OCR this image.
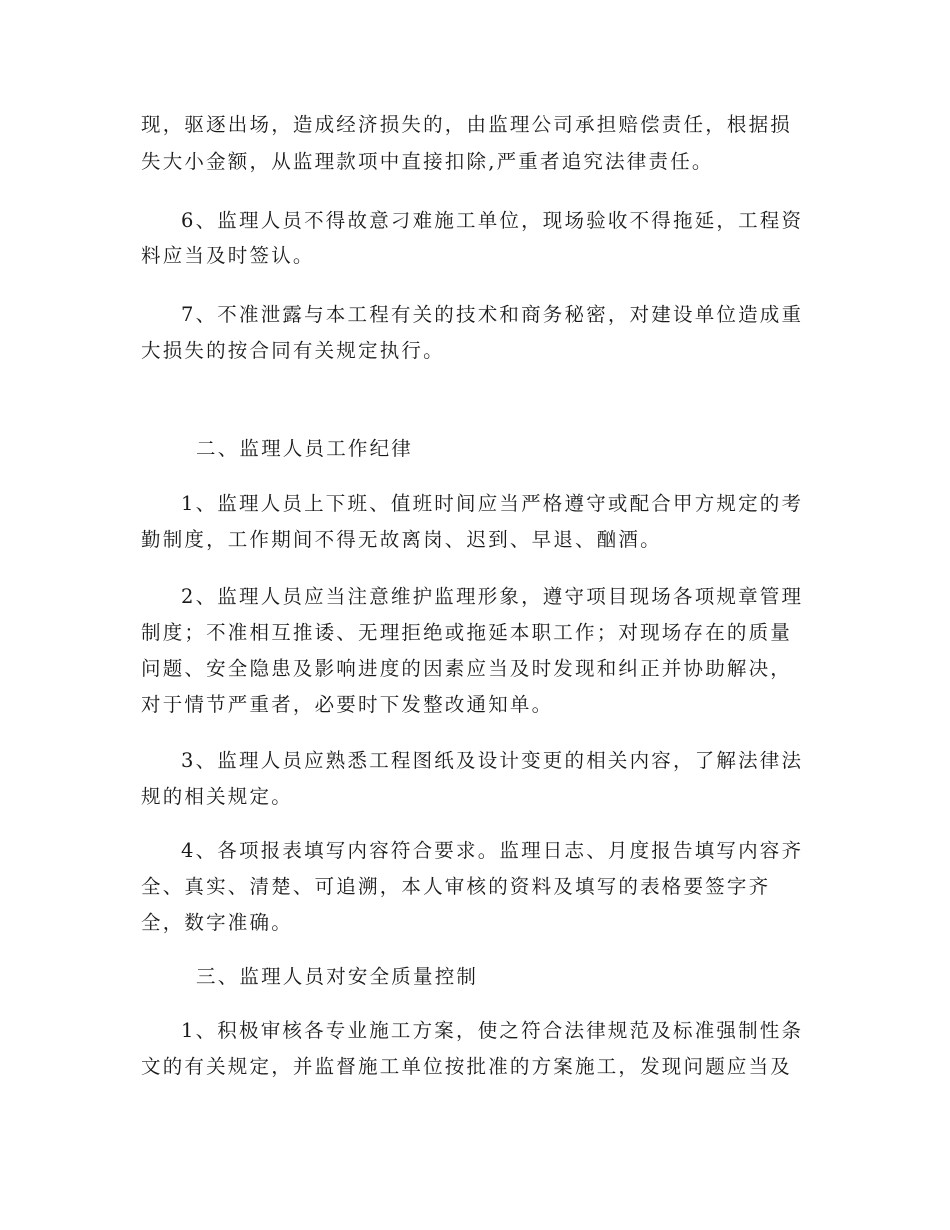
现，驱逐出场，造成经济损失的，由监理公司承担赔偿责任，根据损
失大小金额，从监理款项中直接扣除,严重者追究法律责任。
6、监理人员不得故意刁难施工单位，现场验收不得拖延，工程资
料应当及时签认。
7、不准泄露与本工程有关的技术和商务秘密，对建设单位造成重
大损失的按合同有关规定执行。
二、监理人员工作纪律
1、监理人员上下班、值班时间应当严格遵守或配合甲方规定的考
勤制度，工作期间不得无故离岗、迟到、早退、酗酒。
2、监理人员应当注意维护监理形象，遵守项目现场各项规章管理
制度；不准相互推诿、无理拒绝或拖延本职工作；对现场存在的质量
问题、安全隐患及影响进度的因素应当及时发现和纠正并协助解决，
对于情节严重者，必要时下发整改通知单。
3、监理人员应熟悉工程图纸及设计变更的相关内容，了解法律法
规的相关规定。
4、各项报表填写内容符合要求。监理日志、月度报告填写内容齐
全、真实、清楚、可追溯，本人审核的资料及填写的表格要签字齐
全，数字准确。
三、监理人员对安全质量控制
1、积极审核各专业施工方案，使之符合法律规范及标准强制性条
文的有关规定，并监督施工单位按批准的方案施工，发现问题应当及
